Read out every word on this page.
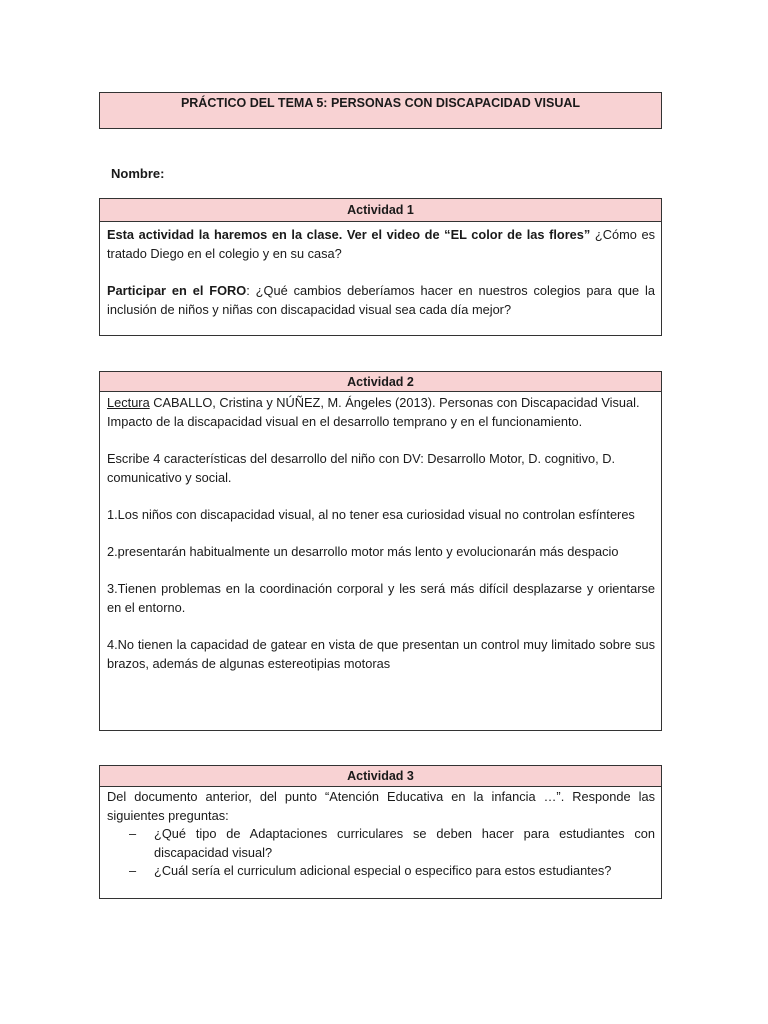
PRÁCTICO DEL TEMA 5: PERSONAS CON DISCAPACIDAD VISUAL
Nombre:
Actividad 1

Esta actividad la haremos en la clase. Ver el video de “EL color de las flores” ¿Cómo es tratado Diego en el colegio y en su casa?

Participar en el FORO: ¿Qué cambios deberíamos hacer en nuestros colegios para que la inclusión de niños y niñas con discapacidad visual sea cada día mejor?

Actividad 2

Lectura CABALLO, Cristina y NÚÑEZ, M. Ángeles (2013). Personas con Discapacidad Visual. Impacto de la discapacidad visual en el desarrollo temprano y en el funcionamiento.

Escribe 4 características del desarrollo del niño con DV: Desarrollo Motor, D. cognitivo, D. comunicativo y social.

1.Los niños con discapacidad visual, al no tener esa curiosidad visual no controlan esfínteres

2.presentarán habitualmente un desarrollo motor más lento y evolucionarán más despacio

3.Tienen problemas en la coordinación corporal y les será más difícil desplazarse y orientarse en el entorno.

4.No tienen la capacidad de gatear en vista de que presentan un control muy limitado sobre sus brazos, además de algunas estereotipias motoras

Actividad 3

Del documento anterior, del punto “Atención Educativa en la infancia …”. Responde las siguientes preguntas:

– ¿Qué tipo de Adaptaciones curriculares se deben hacer para estudiantes con discapacidad visual?
– ¿Cuál sería el curriculum adicional especial o especifico para estos estudiantes?
